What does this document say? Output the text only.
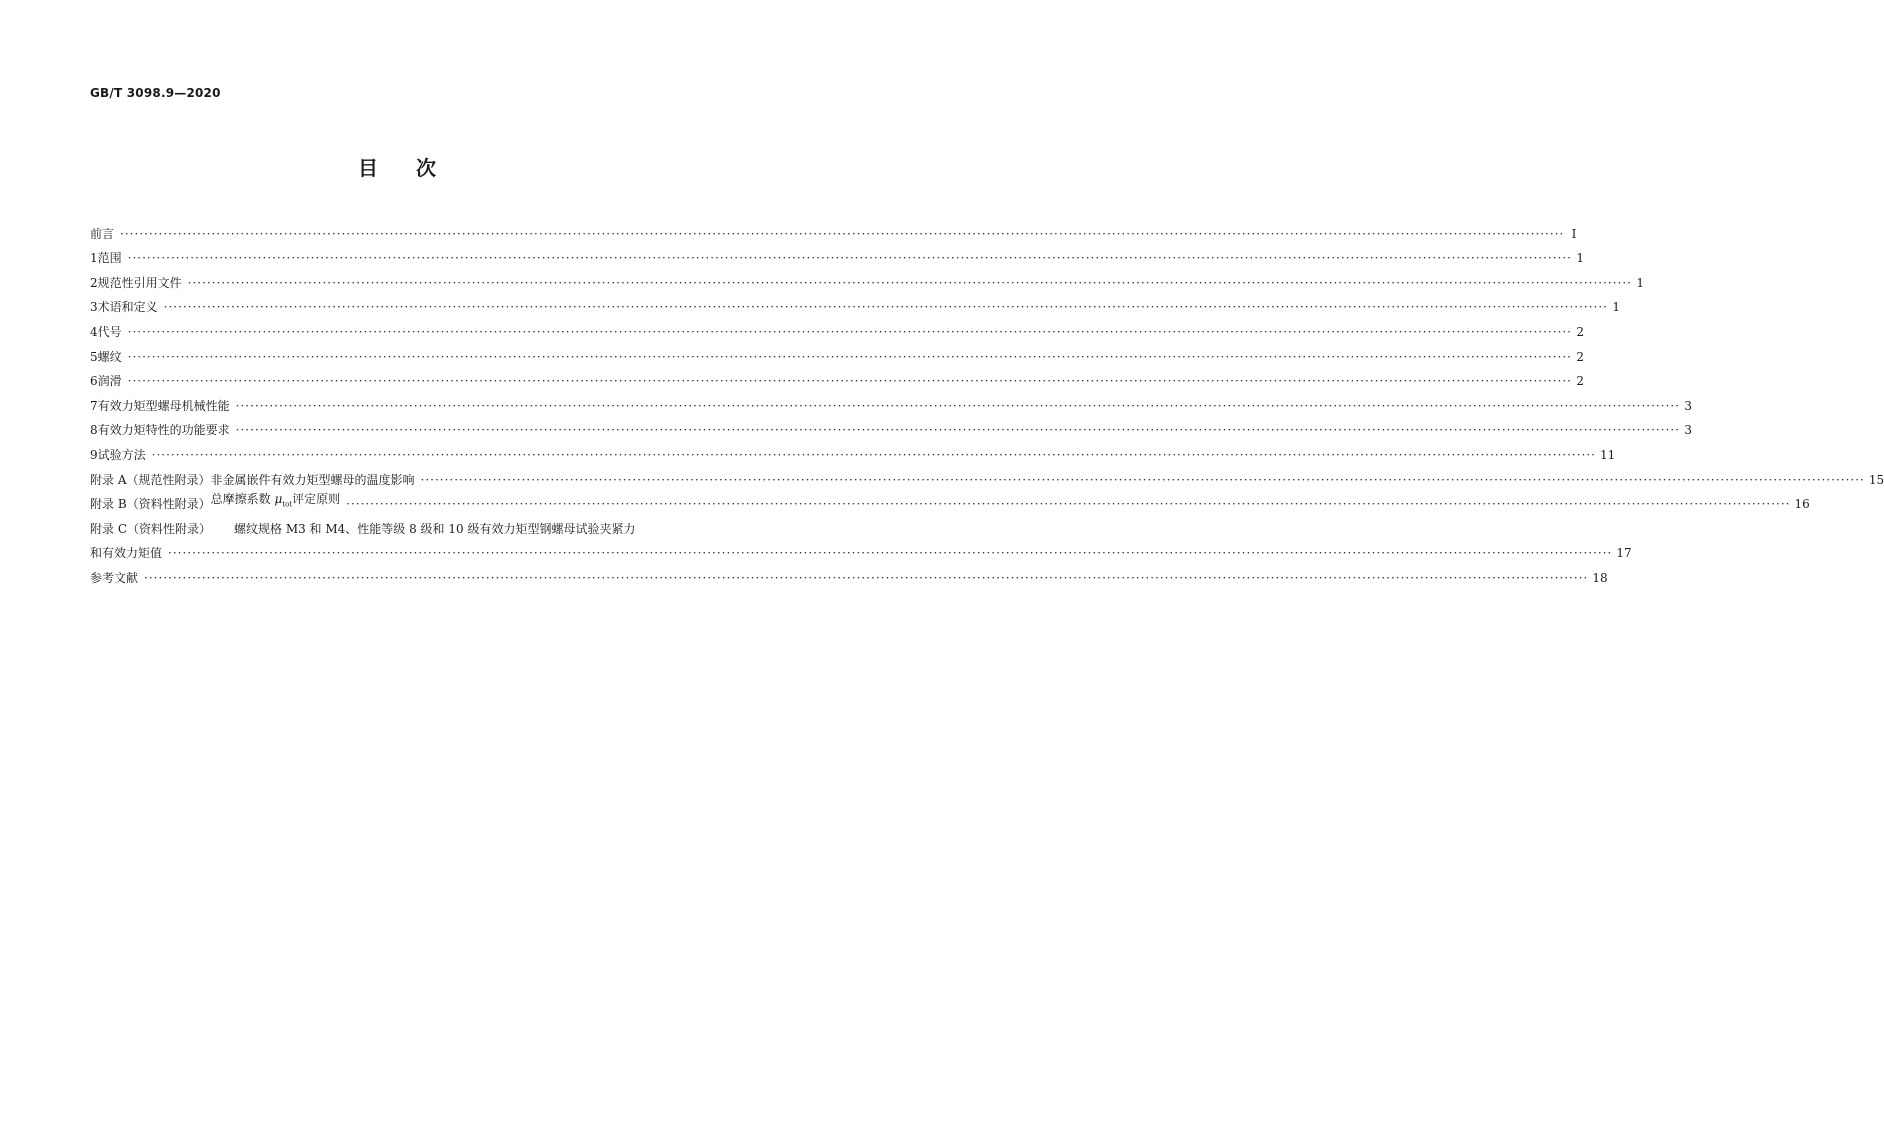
GB/T 3098.9—2020
目 次
前言 ············································································································································································································································································································ Ⅰ
1 范围 ············································································································································································································································································································ 1
2 规范性引用文件 ············································································································································································································································································································ 1
3 术语和定义 ············································································································································································································································································································ 1
4 代号 ············································································································································································································································································································ 2
5 螺纹 ············································································································································································································································································································ 2
6 润滑 ············································································································································································································································································································ 2
7 有效力矩型螺母机械性能 ············································································································································································································································································································ 3
8 有效力矩特性的功能要求 ············································································································································································································································································································ 3
9 试验方法 ············································································································································································································································································································ 11
附录 A（规范性附录） 非金属嵌件有效力矩型螺母的温度影响 ············································································································································································································································································································ 15
附录 B（资料性附录） 总摩擦系数 $\mu_{tot}$评定原则 ············································································································································································································································································································ 16
附录 C（资料性附录）	螺纹规格 M3 和 M4、性能等级 8 级和 10 级有效力矩型钢螺母试验夹紧力
和有效力矩值 ············································································································································································································································································································ 17
参考文献 ············································································································································································································································································································ 18
